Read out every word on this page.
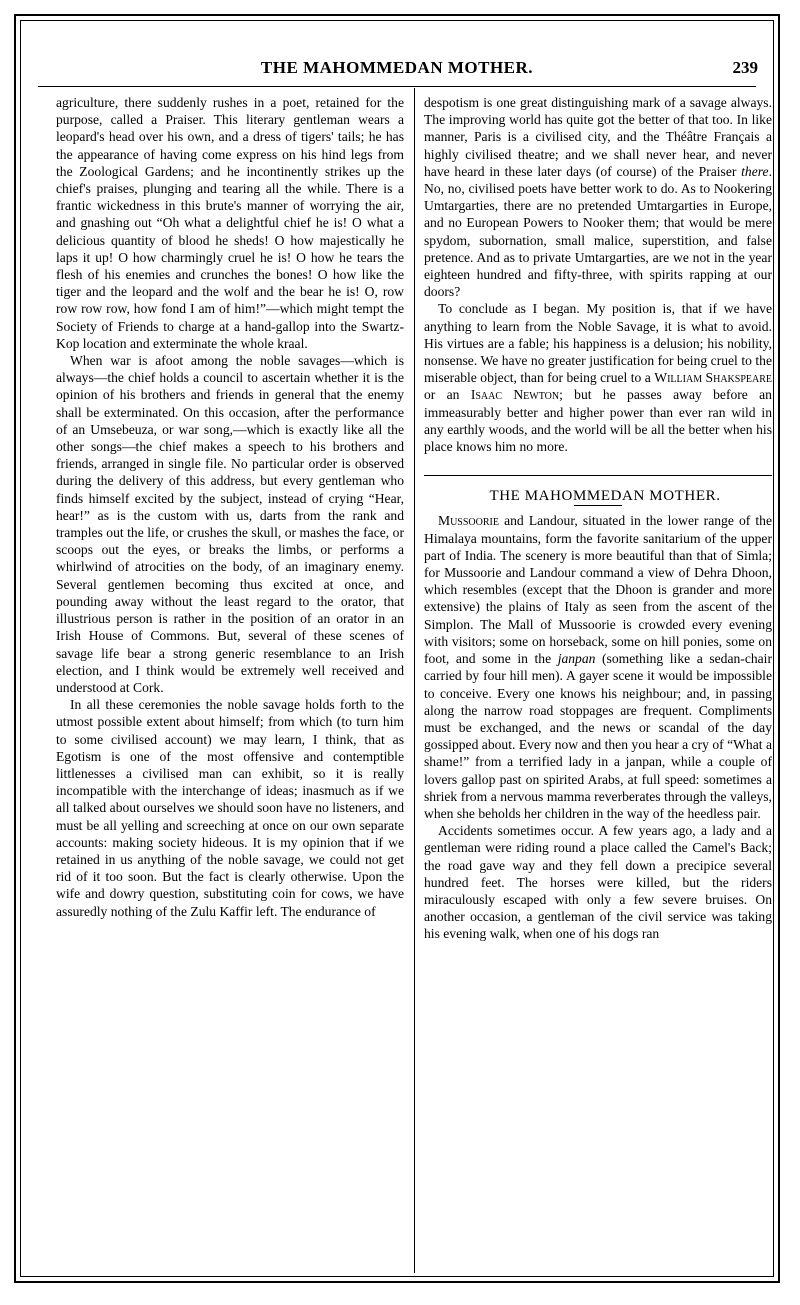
THE MAHOMMEDAN MOTHER.	239

agriculture, there suddenly rushes in a poet, retained for the purpose, called a Praiser. This literary gentleman wears a leopard's head over his own, and a dress of tigers' tails; he has the appearance of having come express on his hind legs from the Zoological Gardens; and he incontinently strikes up the chief's praises, plunging and tearing all the while. There is a frantic wickedness in this brute's manner of worrying the air, and gnashing out “Oh what a delightful chief he is! O what a delicious quantity of blood he sheds! O how majestically he laps it up! O how charmingly cruel he is! O how he tears the flesh of his enemies and crunches the bones! O how like the tiger and the leopard and the wolf and the bear he is! O, row row row row, how fond I am of him!”—which might tempt the Society of Friends to charge at a hand-gallop into the Swartz-Kop location and exterminate the whole kraal.

When war is afoot among the noble savages—which is always—the chief holds a council to ascertain whether it is the opinion of his brothers and friends in general that the enemy shall be exterminated. On this occasion, after the performance of an Umsebeuza, or war song,—which is exactly like all the other songs—the chief makes a speech to his brothers and friends, arranged in single file. No particular order is observed during the delivery of this address, but every gentleman who finds himself excited by the subject, instead of crying “Hear, hear!” as is the custom with us, darts from the rank and tramples out the life, or crushes the skull, or mashes the face, or scoops out the eyes, or breaks the limbs, or performs a whirlwind of atrocities on the body, of an imaginary enemy. Several gentlemen becoming thus excited at once, and pounding away without the least regard to the orator, that illustrious person is rather in the position of an orator in an Irish House of Commons. But, several of these scenes of savage life bear a strong generic resemblance to an Irish election, and I think would be extremely well received and understood at Cork.

In all these ceremonies the noble savage holds forth to the utmost possible extent about himself; from which (to turn him to some civilised account) we may learn, I think, that as Egotism is one of the most offensive and contemptible littlenesses a civilised man can exhibit, so it is really incompatible with the interchange of ideas; inasmuch as if we all talked about ourselves we should soon have no listeners, and must be all yelling and screeching at once on our own separate accounts: making society hideous. It is my opinion that if we retained in us anything of the noble savage, we could not get rid of it too soon. But the fact is clearly otherwise. Upon the wife and dowry question, substituting coin for cows, we have assuredly nothing of the Zulu Kaffir left. The endurance of

despotism is one great distinguishing mark of a savage always. The improving world has quite got the better of that too. In like manner, Paris is a civilised city, and the Théâtre Français a highly civilised theatre; and we shall never hear, and never have heard in these later days (of course) of the Praiser there. No, no, civilised poets have better work to do. As to Nookering Umtargarties, there are no pretended Umtargarties in Europe, and no European Powers to Nooker them; that would be mere spydom, subornation, small malice, superstition, and false pretence. And as to private Umtargarties, are we not in the year eighteen hundred and fifty-three, with spirits rapping at our doors?

To conclude as I began. My position is, that if we have anything to learn from the Noble Savage, it is what to avoid. His virtues are a fable; his happiness is a delusion; his nobility, nonsense. We have no greater justification for being cruel to the miserable object, than for being cruel to a William Shakspeare or an Isaac Newton; but he passes away before an immeasurably better and higher power than ever ran wild in any earthly woods, and the world will be all the better when his place knows him no more.

THE MAHOMMEDAN MOTHER.

Mussoorie and Landour, situated in the lower range of the Himalaya mountains, form the favorite sanitarium of the upper part of India. The scenery is more beautiful than that of Simla; for Mussoorie and Landour command a view of Dehra Dhoon, which resembles (except that the Dhoon is grander and more extensive) the plains of Italy as seen from the ascent of the Simplon. The Mall of Mussoorie is crowded every evening with visitors; some on horseback, some on hill ponies, some on foot, and some in the janpan (something like a sedan-chair carried by four hill men). A gayer scene it would be impossible to conceive. Every one knows his neighbour; and, in passing along the narrow road stoppages are frequent. Compliments must be exchanged, and the news or scandal of the day gossipped about. Every now and then you hear a cry of “What a shame!” from a terrified lady in a janpan, while a couple of lovers gallop past on spirited Arabs, at full speed: sometimes a shriek from a nervous mamma reverberates through the valleys, when she beholds her children in the way of the heedless pair.

Accidents sometimes occur. A few years ago, a lady and a gentleman were riding round a place called the Camel's Back; the road gave way and they fell down a precipice several hundred feet. The horses were killed, but the riders miraculously escaped with only a few severe bruises. On another occasion, a gentleman of the civil service was taking his evening walk, when one of his dogs ran
